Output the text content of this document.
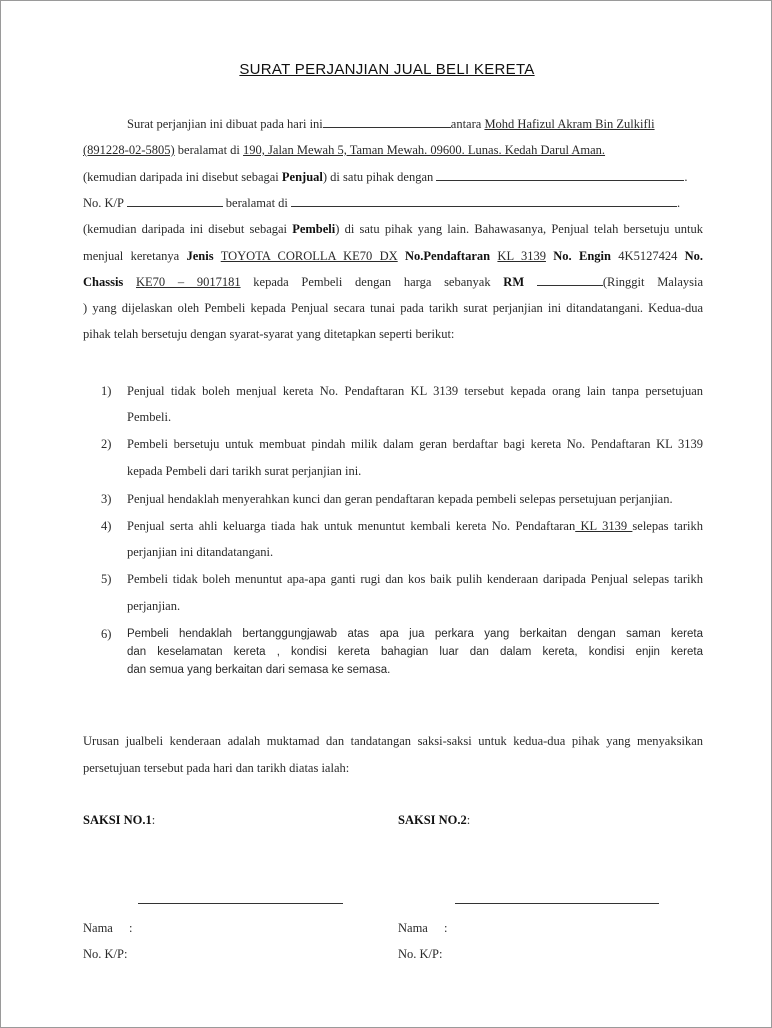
SURAT PERJANJIAN JUAL BELI KERETA
Surat perjanjian ini dibuat pada hari ini	antara Mohd Hafizul Akram Bin Zulkifli
(891228-02-5805) beralamat di 190, Jalan Mewah 5, Taman Mewah. 09600. Lunas. Kedah Darul Aman.
(kemudian daripada ini disebut sebagai Penjual) di satu pihak dengan	.
No. K/P	beralamat di	.
(kemudian daripada ini disebut sebagai Pembeli) di satu pihak yang lain. Bahawasanya, Penjual telah bersetuju untuk
menjual keretanya Jenis TOYOTA COROLLA KE70 DX No.Pendaftaran KL 3139 No. Engin 4K5127424 No.
Chassis KE70 – 9017181 kepada Pembeli dengan harga sebanyak RM	(Ringgit Malaysia
) yang dijelaskan oleh Pembeli kepada Penjual secara tunai pada tarikh surat perjanjian ini ditandatangani. Kedua-dua
pihak telah bersetuju dengan syarat-syarat yang ditetapkan seperti berikut:
1)	Penjual tidak boleh menjual kereta No. Pendaftaran KL 3139 tersebut kepada orang lain tanpa persetujuan
Pembeli.
2)	Pembeli bersetuju untuk membuat pindah milik dalam geran berdaftar bagi kereta No. Pendaftaran KL 3139
kepada Pembeli dari tarikh surat perjanjian ini.
3)	Penjual hendaklah menyerahkan kunci dan geran pendaftaran kepada pembeli selepas persetujuan perjanjian.
4)	Penjual serta ahli keluarga tiada hak untuk menuntut kembali kereta No. Pendaftaran KL 3139 selepas tarikh
perjanjian ini ditandatangani.
5)	Pembeli tidak boleh menuntut apa-apa ganti rugi dan kos baik pulih kenderaan daripada Penjual selepas tarikh
perjanjian.
6)	Pembeli hendaklah bertanggungjawab atas apa jua perkara yang berkaitan dengan saman kereta
dan keselamatan kereta , kondisi kereta bahagian luar dan dalam kereta, kondisi enjin kereta
dan semua yang berkaitan dari semasa ke semasa.
Urusan jualbeli kenderaan adalah muktamad dan tandatangan saksi-saksi untuk kedua-dua pihak yang menyaksikan
persetujuan tersebut pada hari dan tarikh diatas ialah:
SAKSI NO.1:
Nama :
No. K/P:
SAKSI NO.2:
Nama :
No. K/P:
